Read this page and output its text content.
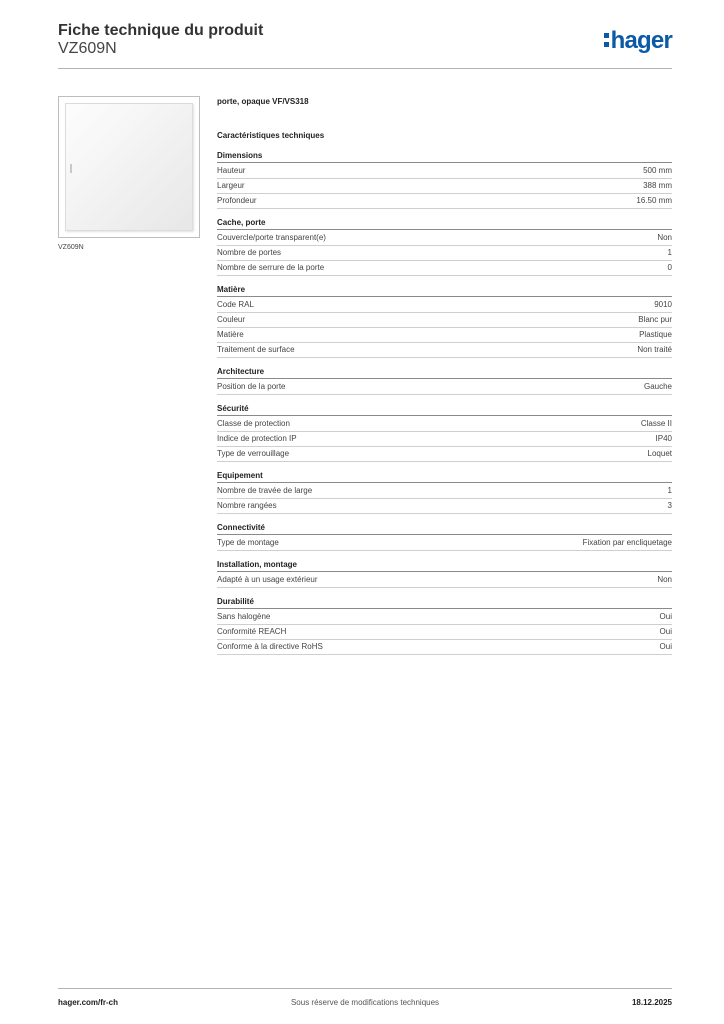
Fiche technique du produit
VZ609N	hager
VZ609N
porte, opaque VF/VS318
Caractéristiques techniques
Dimensions
Hauteur	500 mm
Largeur	388 mm
Profondeur	16.50 mm
Cache, porte
Couvercle/porte transparent(e)	Non
Nombre de portes	1
Nombre de serrure de la porte	0
Matière
Code RAL	9010
Couleur	Blanc pur
Matière	Plastique
Traitement de surface	Non traité
Architecture
Position de la porte	Gauche
Sécurité
Classe de protection	Classe II
Indice de protection IP	IP40
Type de verrouillage	Loquet
Equipement
Nombre de travée de large	1
Nombre rangées	3
Connectivité
Type de montage	Fixation par encliquetage
Installation, montage
Adapté à un usage extérieur	Non
Durabilité
Sans halogène	Oui
Conformité REACH	Oui
Conforme à la directive RoHS	Oui
hager.com/fr-ch	Sous réserve de modifications techniques	18.12.2025
